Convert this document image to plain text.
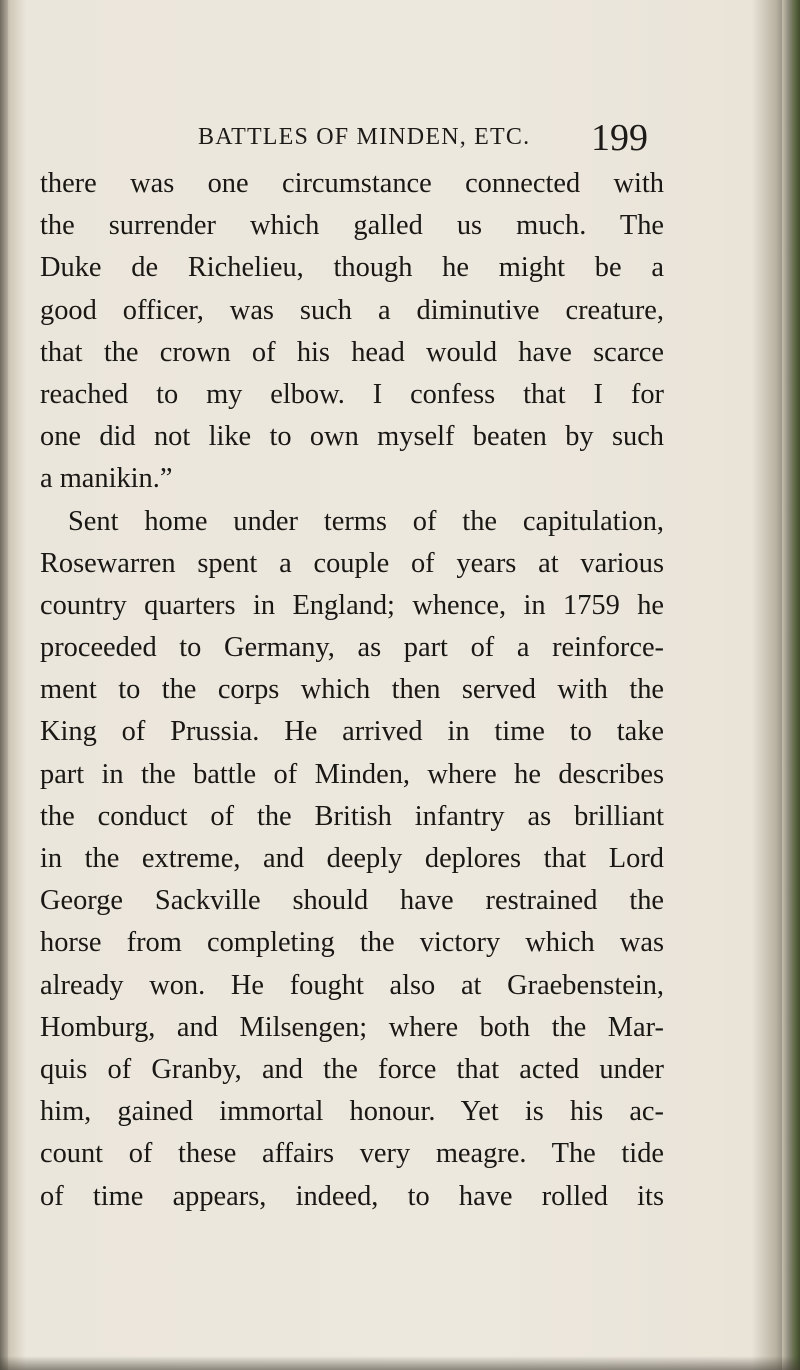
BATTLES OF MINDEN, ETC. 199
there was one circumstance connected with
the surrender which galled us much. The
Duke de Richelieu, though he might be a
good officer, was such a diminutive creature,
that the crown of his head would have scarce
reached to my elbow. I confess that I for
one did not like to own myself beaten by such
a manikin.”
Sent home under terms of the capitulation,
Rosewarren spent a couple of years at various
country quarters in England; whence, in 1759 he
proceeded to Germany, as part of a reinforce-
ment to the corps which then served with the
King of Prussia. He arrived in time to take
part in the battle of Minden, where he describes
the conduct of the British infantry as brilliant
in the extreme, and deeply deplores that Lord
George Sackville should have restrained the
horse from completing the victory which was
already won. He fought also at Graebenstein,
Homburg, and Milsengen; where both the Mar-
quis of Granby, and the force that acted under
him, gained immortal honour. Yet is his ac-
count of these affairs very meagre. The tide
of time appears, indeed, to have rolled its
